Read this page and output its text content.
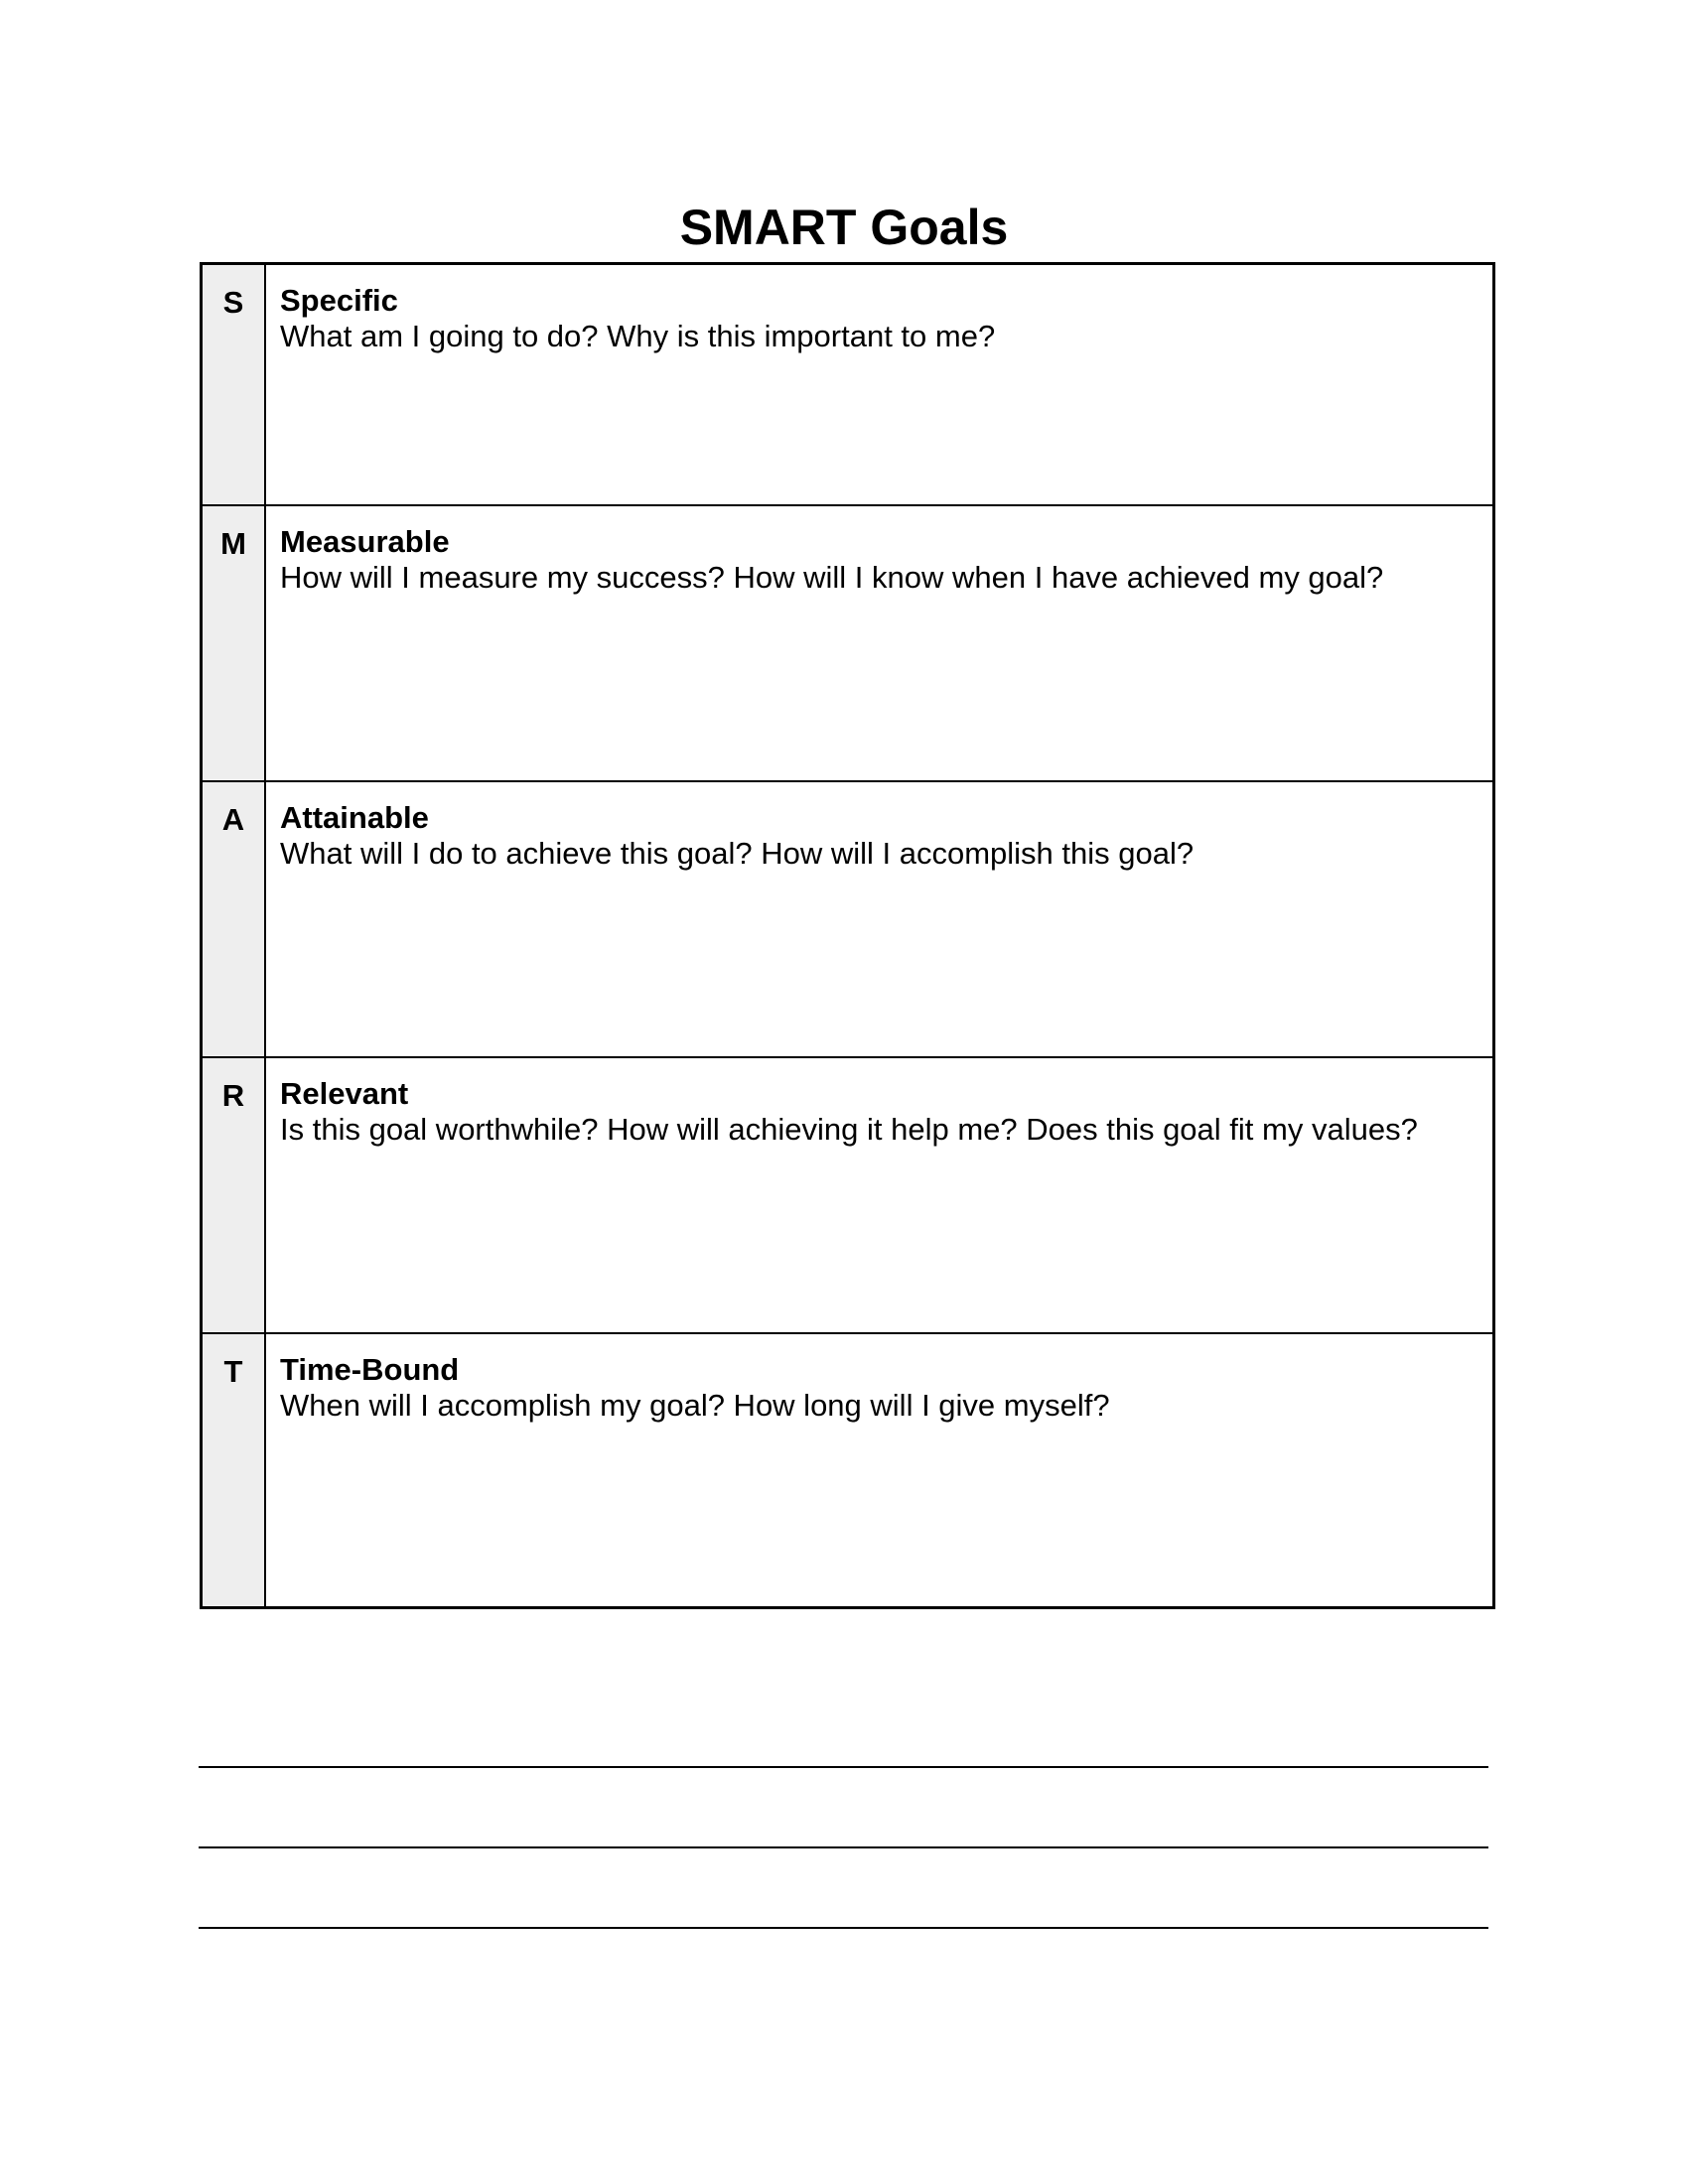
SMART Goals
S	Specific
What am I going to do? Why is this important to me?
M	Measurable
How will I measure my success? How will I know when I have achieved my goal?
A	Attainable
What will I do to achieve this goal? How will I accomplish this goal?
R	Relevant
Is this goal worthwhile? How will achieving it help me? Does this goal fit my values?
T	Time-Bound
When will I accomplish my goal? How long will I give myself?
